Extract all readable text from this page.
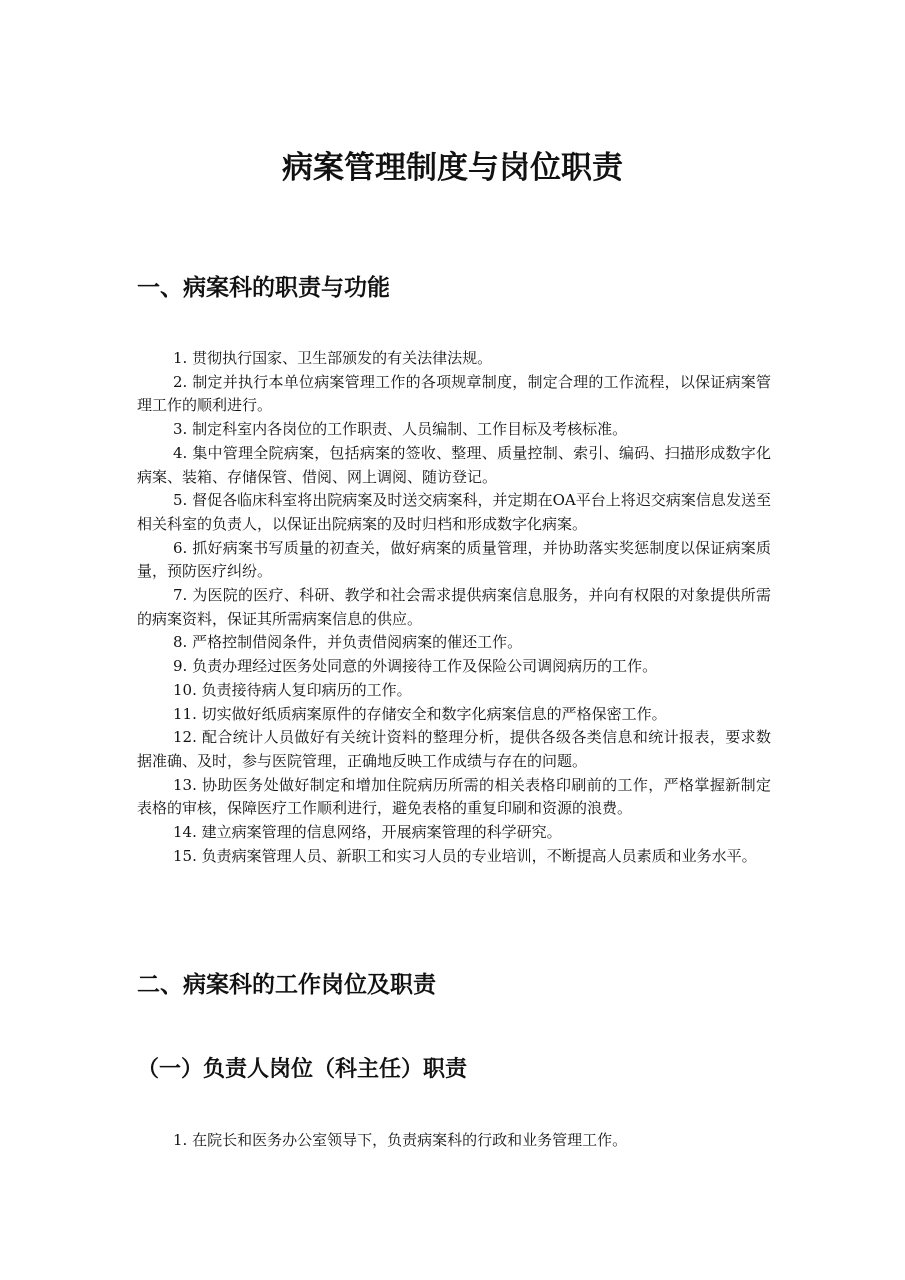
病案管理制度与岗位职责
一、病案科的职责与功能

1. 贯彻执行国家、卫生部颁发的有关法律法规。

2. 制定并执行本单位病案管理工作的各项规章制度，制定合理的工作流程，以保证病案管理工作的顺利进行。

3. 制定科室内各岗位的工作职责、人员编制、工作目标及考核标准。

4. 集中管理全院病案，包括病案的签收、整理、质量控制、索引、编码、扫描形成数字化病案、装箱、存储保管、借阅、网上调阅、随访登记。

5. 督促各临床科室将出院病案及时送交病案科，并定期在OA平台上将迟交病案信息发送至相关科室的负责人，以保证出院病案的及时归档和形成数字化病案。

6. 抓好病案书写质量的初查关，做好病案的质量管理，并协助落实奖惩制度以保证病案质量，预防医疗纠纷。

7. 为医院的医疗、科研、教学和社会需求提供病案信息服务，并向有权限的对象提供所需的病案资料，保证其所需病案信息的供应。

8. 严格控制借阅条件，并负责借阅病案的催还工作。

9. 负责办理经过医务处同意的外调接待工作及保险公司调阅病历的工作。

10. 负责接待病人复印病历的工作。

11. 切实做好纸质病案原件的存储安全和数字化病案信息的严格保密工作。

12. 配合统计人员做好有关统计资料的整理分析，提供各级各类信息和统计报表，要求数据准确、及时，参与医院管理，正确地反映工作成绩与存在的问题。

13. 协助医务处做好制定和增加住院病历所需的相关表格印刷前的工作，严格掌握新制定表格的审核，保障医疗工作顺利进行，避免表格的重复印刷和资源的浪费。

14. 建立病案管理的信息网络，开展病案管理的科学研究。

15. 负责病案管理人员、新职工和实习人员的专业培训，不断提高人员素质和业务水平。

二、病案科的工作岗位及职责
（一）负责人岗位（科主任）职责

1. 在院长和医务办公室领导下，负责病案科的行政和业务管理工作。
